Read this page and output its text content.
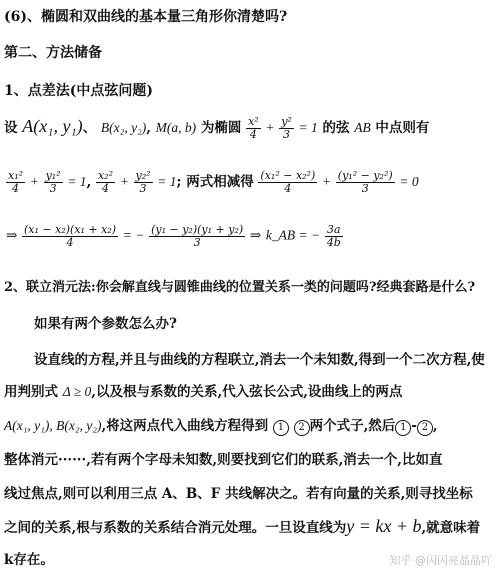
(6)、椭圆和双曲线的基本量三角形你清楚吗?
第二、方法储备
1、点差法(中点弦问题)
设 A(x₁, y₁)、 B(x₂, y₂), M(a, b) 为椭圆 $\frac{\text{x²}}{4} + \frac{\text{y²}}{3} = 1$ 的弦 AB 中点则有
$\frac{\text{x₁²}}{4} + \frac{\text{y₁²}}{3} = 1$, $\frac{\text{x₂²}}{4} + \frac{\text{y₂²}}{3} = 1$; 两式相减得 $\frac{\text{(x₁² − x₂²)}}{4} + \frac{\text{(y₁² − y₂²)}}{3} = 0$
⇒ $\frac{\text{(x₁ − x₂)(x₁ + x₂)}}{4}$ = − $\frac{\text{(y₁ − y₂)(y₁ + y₂)}}{3}$ ⇒ k_AB = − $\frac{3a}{4b}$
2、联立消元法:你会解直线与圆锥曲线的位置关系一类的问题吗?经典套路是什么?
如果有两个参数怎么办?
设直线的方程,并且与曲线的方程联立,消去一个未知数,得到一个二次方程,使
用判别式 Δ ≥ 0,以及根与系数的关系,代入弦长公式,设曲线上的两点
A(x₁, y₁), B(x₂, y₂),将这两点代入曲线方程得到 1 2 两个式子,然后 1 - 2 ,
整体消元······,若有两个字母未知数,则要找到它们的联系,消去一个,比如直
线过焦点,则可以利用三点 A、B、F 共线解决之。若有向量的关系,则寻找坐标
之间的关系,根与系数的关系结合消元处理。一旦设直线为y = kx + b,就意味着
k存在。	知乎 @闪闪亮晶晶吖
